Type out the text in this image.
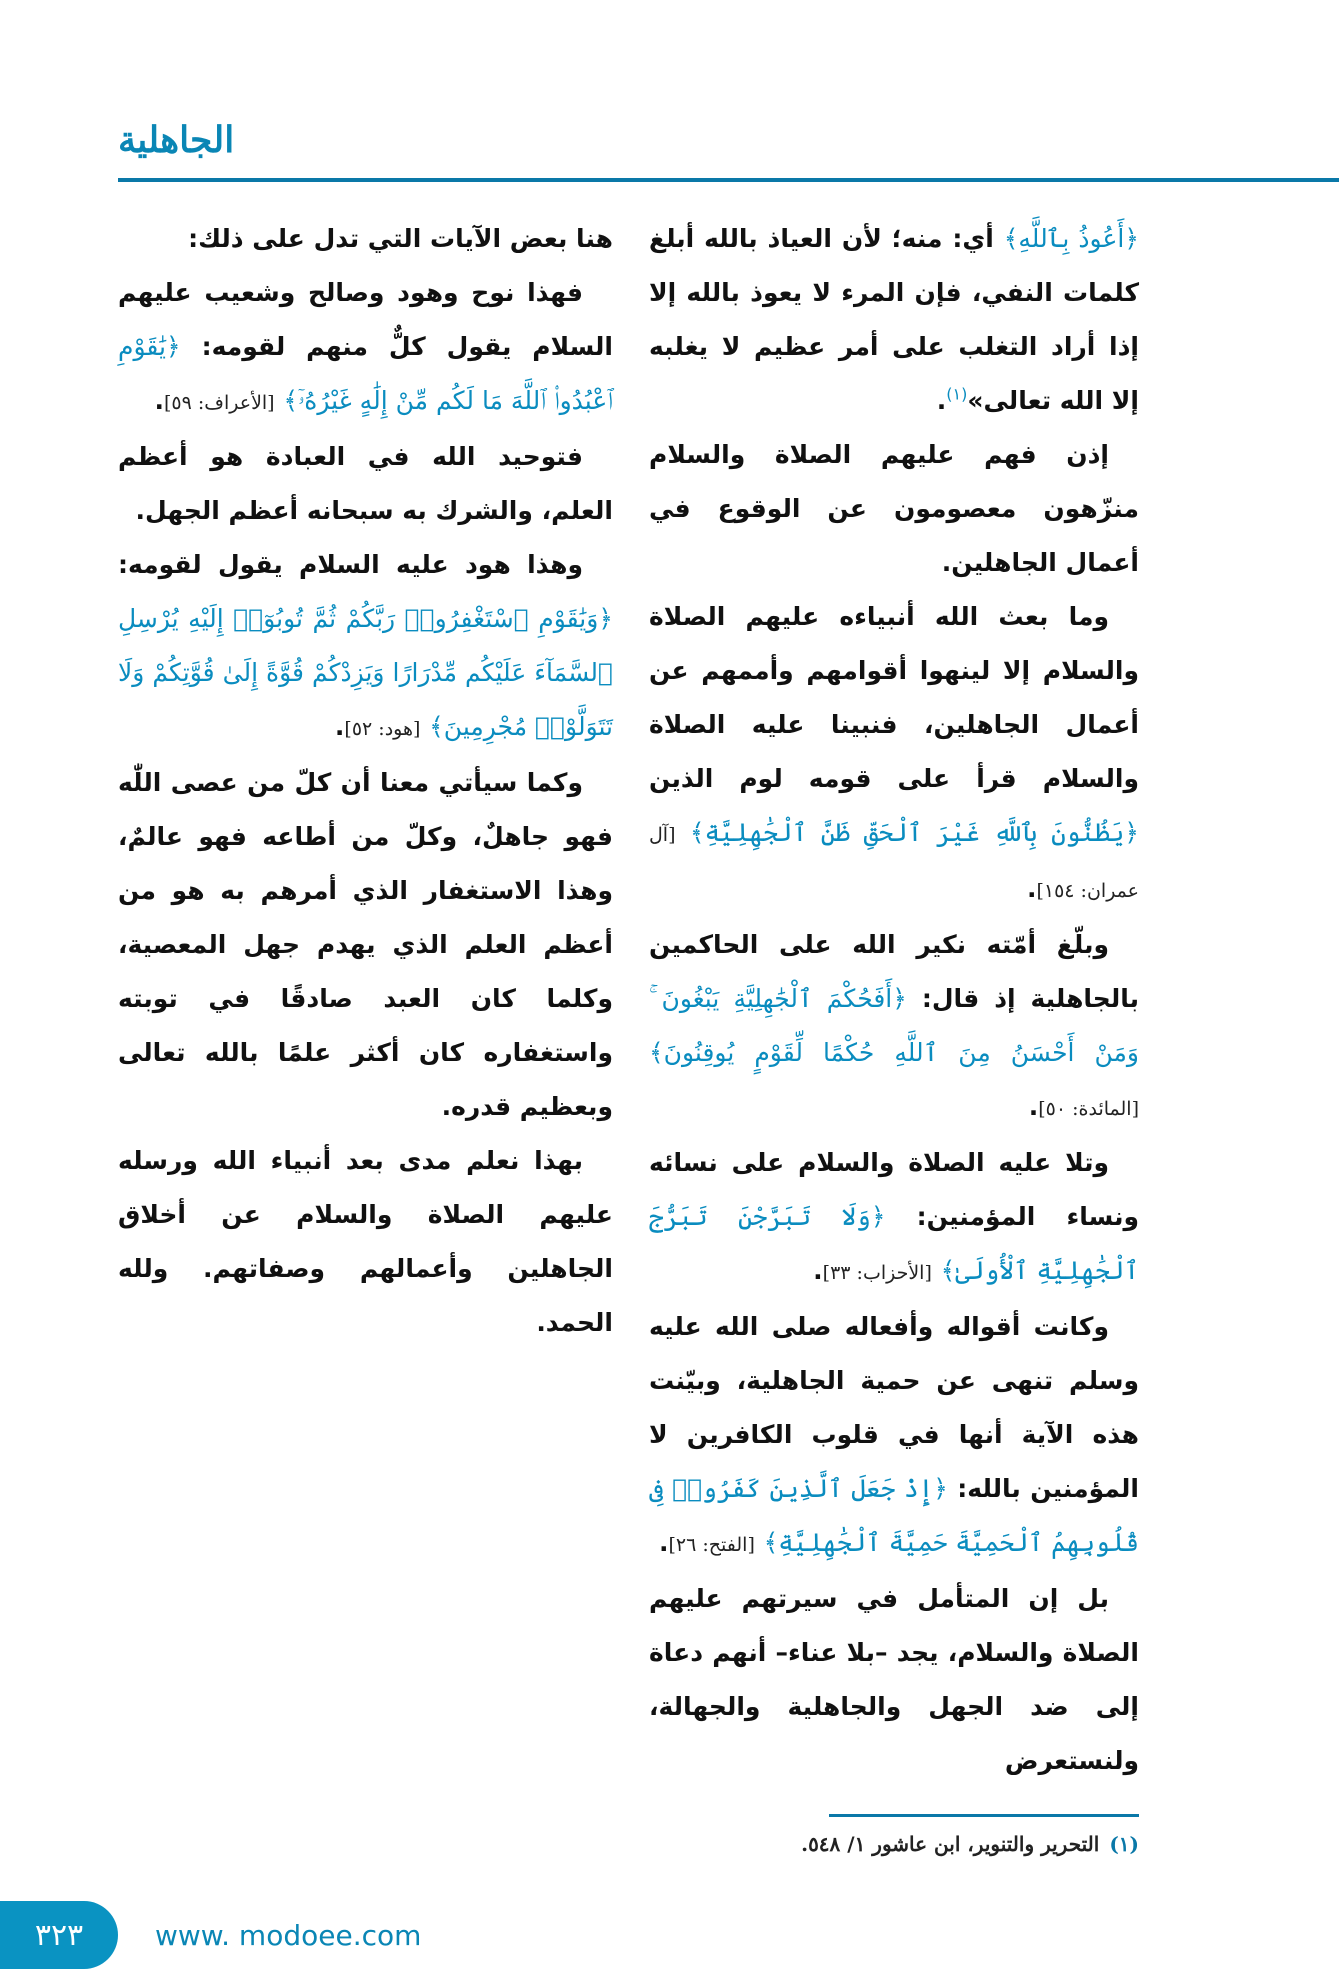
الجاهلية

هنا بعض الآيات التي تدل على ذلك:

فهذا نوح وهود وصالح وشعيب عليهم السلام يقول كلٌّ منهم لقومه: ﴿يَٰقَوْمِ ٱعْبُدُوا۟ ٱللَّهَ مَا لَكُم مِّنْ إِلَٰهٍ غَيْرُهُۥٓ﴾ [الأعراف: ٥٩].

فتوحيد الله في العبادة هو أعظم العلم، والشرك به سبحانه أعظم الجهل.

وهذا هود عليه السلام يقول لقومه: ﴿وَيَٰقَوْمِ ٱسْتَغْفِرُوا۟ رَبَّكُمْ ثُمَّ تُوبُوٓا۟ إِلَيْهِ يُرْسِلِ ٱلسَّمَآءَ عَلَيْكُم مِّدْرَارًا وَيَزِدْكُمْ قُوَّةً إِلَىٰ قُوَّتِكُمْ وَلَا تَتَوَلَّوْا۟ مُجْرِمِينَ﴾ [هود: ٥٢].

وكما سيأتي معنا أن كلّ من عصى اللّٰه فهو جاهلٌ، وكلّ من أطاعه فهو عالمٌ، وهذا الاستغفار الذي أمرهم به هو من أعظم العلم الذي يهدم جهل المعصية، وكلما كان العبد صادقًا في توبته واستغفاره كان أكثر علمًا بالله تعالى وبعظيم قدره.

بهذا نعلم مدى بعد أنبياء الله ورسله عليهم الصلاة والسلام عن أخلاق الجاهلين وأعمالهم وصفاتهم. ولله الحمد.

﴿أَعُوذُ بِٱللَّهِ﴾ أي: منه؛ لأن العياذ بالله أبلغ كلمات النفي، فإن المرء لا يعوذ بالله إلا إذا أراد التغلب على أمر عظيم لا يغلبه إلا الله تعالى»$^{(١)}$.

إذن فهم عليهم الصلاة والسلام منزّهون معصومون عن الوقوع في أعمال الجاهلين.

وما بعث الله أنبياءه عليهم الصلاة والسلام إلا لينهوا أقوامهم وأممهم عن أعمال الجاهلين، فنبينا عليه الصلاة والسلام قرأ على قومه لوم الذين ﴿يَظُنُّونَ بِٱللَّهِ غَيْرَ ٱلْحَقِّ ظَنَّ ٱلْجَٰهِلِيَّةِ﴾ [آل عمران: ١٥٤].

وبلّغ أمّته نكير الله على الحاكمين بالجاهلية إذ قال: ﴿أَفَحُكْمَ ٱلْجَٰهِلِيَّةِ يَبْغُونَ ۚ وَمَنْ أَحْسَنُ مِنَ ٱللَّهِ حُكْمًا لِّقَوْمٍ يُوقِنُونَ﴾ [المائدة: ٥٠].

وتلا عليه الصلاة والسلام على نسائه ونساء المؤمنين: ﴿وَلَا تَبَرَّجْنَ تَبَرُّجَ ٱلْجَٰهِلِيَّةِ ٱلْأُولَىٰ﴾ [الأحزاب: ٣٣].

وكانت أقواله وأفعاله صلى الله عليه وسلم تنهى عن حمية الجاهلية، وبيّنت هذه الآية أنها في قلوب الكافرين لا المؤمنين بالله: ﴿إِذْ جَعَلَ ٱلَّذِينَ كَفَرُوا۟ فِى قُلُوبِهِمُ ٱلْحَمِيَّةَ حَمِيَّةَ ٱلْجَٰهِلِيَّةِ﴾ [الفتح: ٢٦].

بل إن المتأمل في سيرتهم عليهم الصلاة والسلام، يجد –بلا عناء– أنهم دعاة إلى ضد الجهل والجاهلية والجهالة، ولنستعرض

(١)التحرير والتنوير، ابن عاشور ١/ ٥٤٨.
٣٢٣	www. modoee.com
